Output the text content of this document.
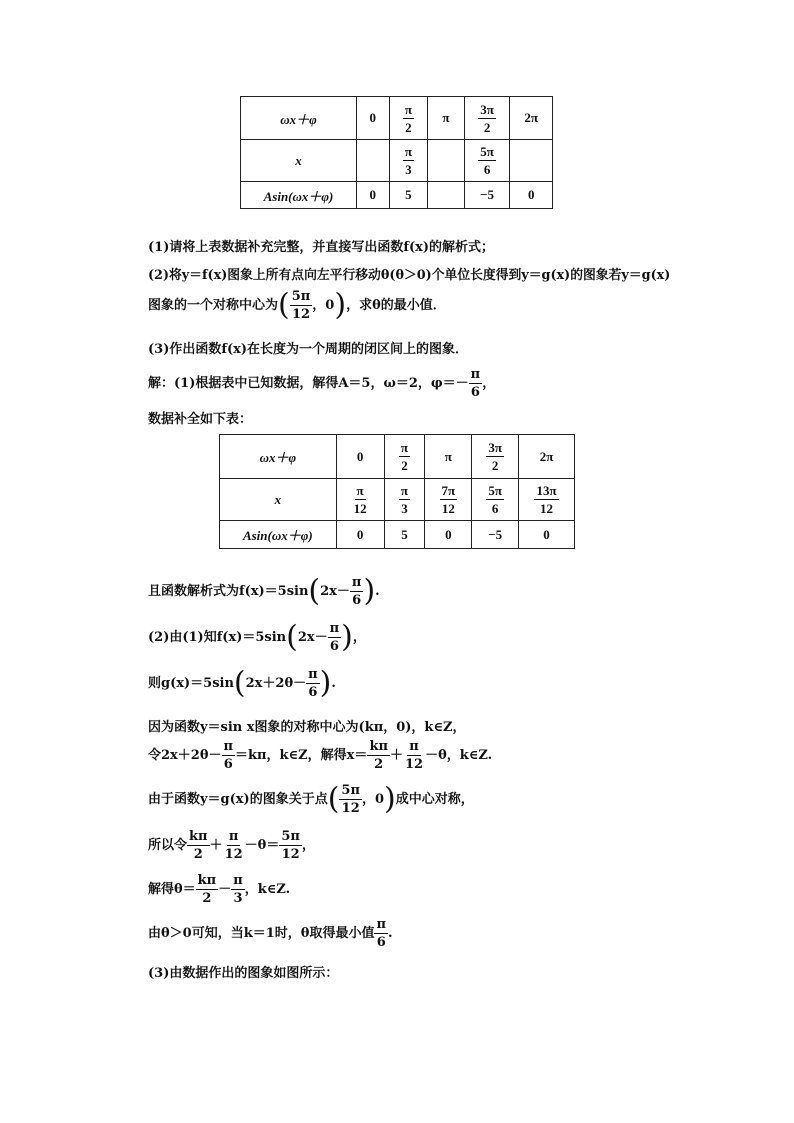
ωx＋φ	0	$\frac{\pi}{2}$	π	$\frac{3\pi}{2}$	2π
x		$\frac{\pi}{3}$		$\frac{5\pi}{6}$

Asin(ωx＋φ)	0	5		−5	0
(1)请将上表数据补充完整，并直接写出函数f(x)的解析式；
(2)将y＝f(x)图象上所有点向左平行移动θ(θ＞0)个单位长度得到y＝g(x)的图象若y＝g(x)
图象的一个对称中心为( $\frac{5\pi}{12}$ ，0)，求θ的最小值．
(3)作出函数f(x)在长度为一个周期的闭区间上的图象．
解：(1)根据表中已知数据，解得A＝5，ω＝2，$\varphi=- \frac{\pi}{6}$ ，
数据补全如下表：
ωx＋φ	0	$\frac{\pi}{2}$	π	$\frac{3\pi}{2}$	2π
x	$\frac{\pi}{12}$	$\frac{\pi}{3}$	$\frac{7\pi}{12}$	$\frac{5\pi}{6}$	$\frac{13\pi}{12}$

Asin(ωx＋φ)	0	5	0	−5	0
且函数解析式为$f(x)=5\sin(2x- \frac{\pi}{6}$ ).
(2)由(1)知$f(x)=5\sin(2x- \frac{\pi}{6}$ )，
则$g(x)=5\sin(2x+2\theta- \frac{\pi}{6}$ ).
因为函数y＝sin x图象的对称中心为(kπ，0)，k∈Z，
令$2x+2\theta- \frac{\pi}{6} =k\pi$，k∈Z，解得$x= \frac{k\pi}{2} + \frac{\pi}{12} -\theta$，k∈Z.
由于函数y＝g(x)的图象关于点( $\frac{5\pi}{12}$ ，0)成中心对称，
所以令 $\frac{k\pi}{2} + \frac{\pi}{12} -\theta= \frac{5\pi}{12}$ ，
解得$\theta= \frac{k\pi}{2} - \frac{\pi}{3}$ ，k∈Z.
由θ＞0可知，当k＝1时，θ取得最小值 $\frac{\pi}{6}$ .
(3)由数据作出的图象如图所示：
